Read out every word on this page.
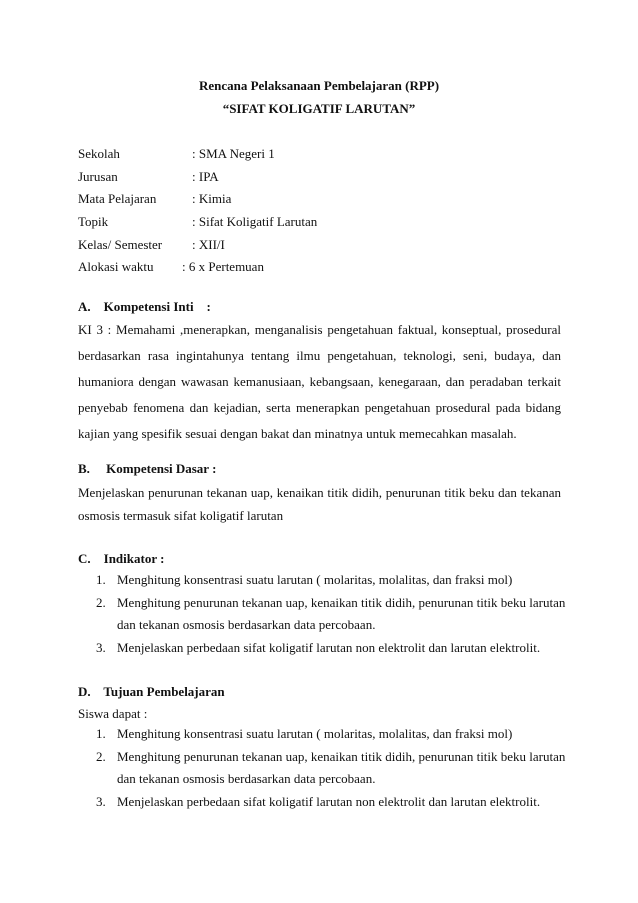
Rencana Pelaksanaan Pembelajaran (RPP)
“SIFAT KOLIGATIF LARUTAN”
Sekolah	: SMA Negeri 1
Jurusan	: IPA
Mata Pelajaran	: Kimia
Topik	: Sifat Koligatif Larutan
Kelas/ Semester : XII/I
Alokasi waktu : 6 x Pertemuan
A.    Kompetensi Inti    :

KI 3 : Memahami ,menerapkan, menganalisis pengetahuan faktual, konseptual, prosedural berdasarkan rasa ingintahunya tentang ilmu pengetahuan, teknologi, seni, budaya, dan humaniora dengan wawasan kemanusiaan, kebangsaan, kenegaraan, dan peradaban terkait penyebab fenomena dan kejadian, serta menerapkan pengetahuan prosedural pada bidang kajian yang spesifik sesuai dengan bakat dan minatnya untuk memecahkan masalah.

B.     Kompetensi Dasar :

Menjelaskan penurunan tekanan uap, kenaikan titik didih, penurunan titik beku dan tekanan osmosis termasuk sifat koligatif larutan

C.    Indikator :
1. Menghitung konsentrasi suatu larutan ( molaritas, molalitas, dan fraksi mol)
2. Menghitung penurunan tekanan uap, kenaikan titik didih, penurunan titik beku larutan dan tekanan osmosis berdasarkan data percobaan.
3. Menjelaskan perbedaan sifat koligatif larutan non elektrolit dan larutan elektrolit.
D.    Tujuan Pembelajaran
Siswa dapat :
1. Menghitung konsentrasi suatu larutan ( molaritas, molalitas, dan fraksi mol)
2. Menghitung penurunan tekanan uap, kenaikan titik didih, penurunan titik beku larutan dan tekanan osmosis berdasarkan data percobaan.
3. Menjelaskan perbedaan sifat koligatif larutan non elektrolit dan larutan elektrolit.
